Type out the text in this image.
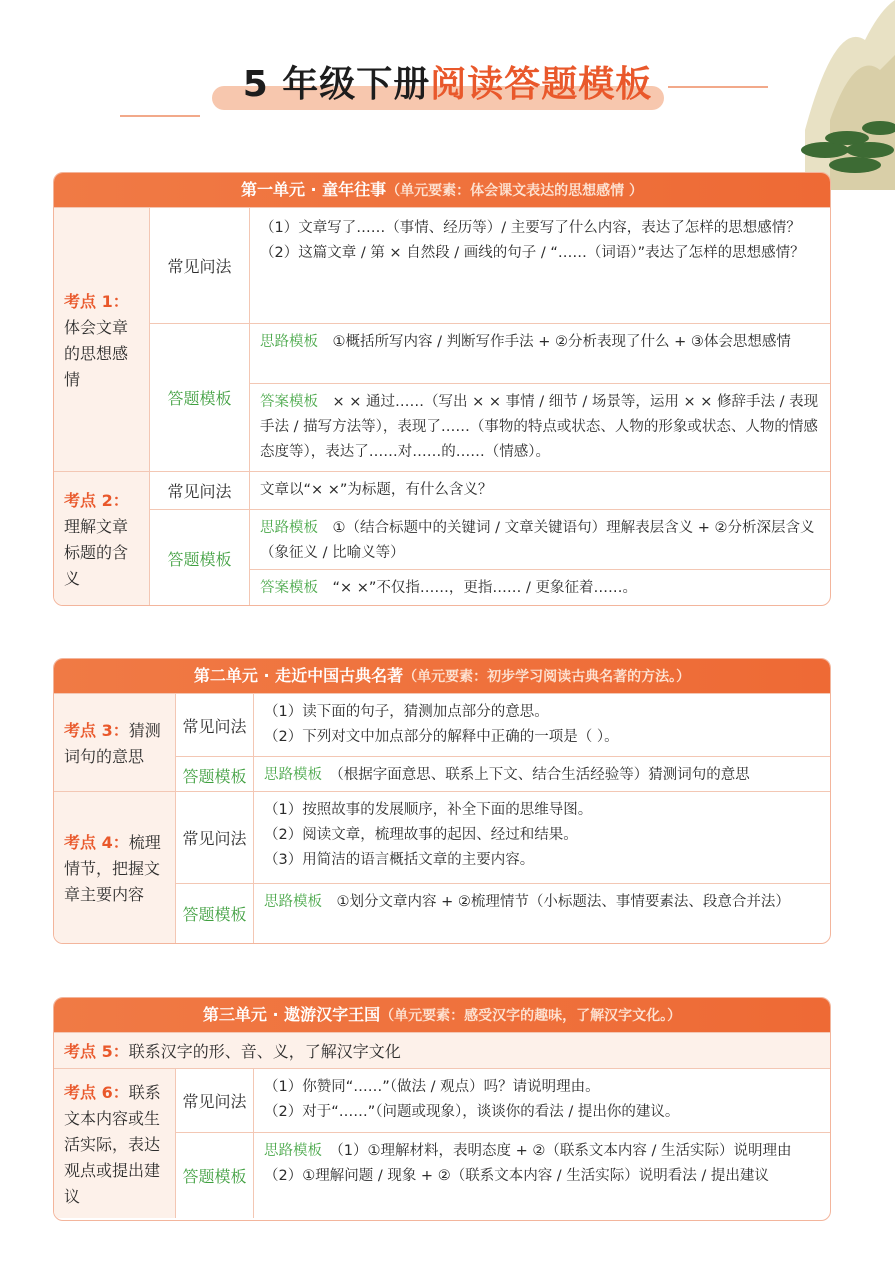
5 年级下册阅读答题模板
第一单元 · 童年往事（单元要素：体会课文表达的思想感情 ）
考点 1：体会文章的思想感情
常见问法
（1）文章写了……（事情、经历等）/ 主要写了什么内容，表达了怎样的思想感情？
（2）这篇文章 / 第 × 自然段 / 画线的句子 / “……（词语）”表达了怎样的思想感情？
答题模板
思路模板　 ①概括所写内容 / 判断写作手法 + ②分析表现了什么 + ③体会思想感情
答案模板　 × × 通过……（写出 × × 事情 / 细节 / 场景等，运用 × × 修辞手法 / 表现手法 / 描写方法等），表现了……（事物的特点或状态、人物的形象或状态、人物的情感态度等），表达了……对……的……（情感）。
考点 2：理解文章标题的含义
常见问法	文章以“× ×”为标题，有什么含义？
答题模板
思路模板　 ①（结合标题中的关键词 / 文章关键语句）理解表层含义 + ②分析深层含义（象征义 / 比喻义等）
答案模板　 “× ×”不仅指……，更指…… / 更象征着……。
第二单元 · 走近中国古典名著（单元要素：初步学习阅读古典名著的方法。）
考点 3：猜测词句的意思
常见问法
（1）读下面的句子，猜测加点部分的意思。
（2）下列对文中加点部分的解释中正确的一项是（ ）。
答题模板	思路模板　 （根据字面意思、联系上下文、结合生活经验等）猜测词句的意思
考点 4：梳理情节，把握文章主要内容
常见问法
（1）按照故事的发展顺序，补全下面的思维导图。
（2）阅读文章，梳理故事的起因、经过和结果。
（3）用简洁的语言概括文章的主要内容。
答题模板
思路模板　 ①划分文章内容 + ②梳理情节（小标题法、事情要素法、段意合并法）
第三单元 · 遨游汉字王国（单元要素：感受汉字的趣味，了解汉字文化。）
考点 5：联系汉字的形、音、义，了解汉字文化
考点 6：联系文本内容或生活实际，表达观点或提出建议
常见问法
（1）你赞同“……”（做法 / 观点）吗？请说明理由。
（2）对于“……”（问题或现象），谈谈你的看法 / 提出你的建议。
答题模板
思路模板　 （1）①理解材料，表明态度 + ②（联系文本内容 / 生活实际）说明理由
（2）①理解问题 / 现象 + ②（联系文本内容 / 生活实际）说明看法 / 提出建议
